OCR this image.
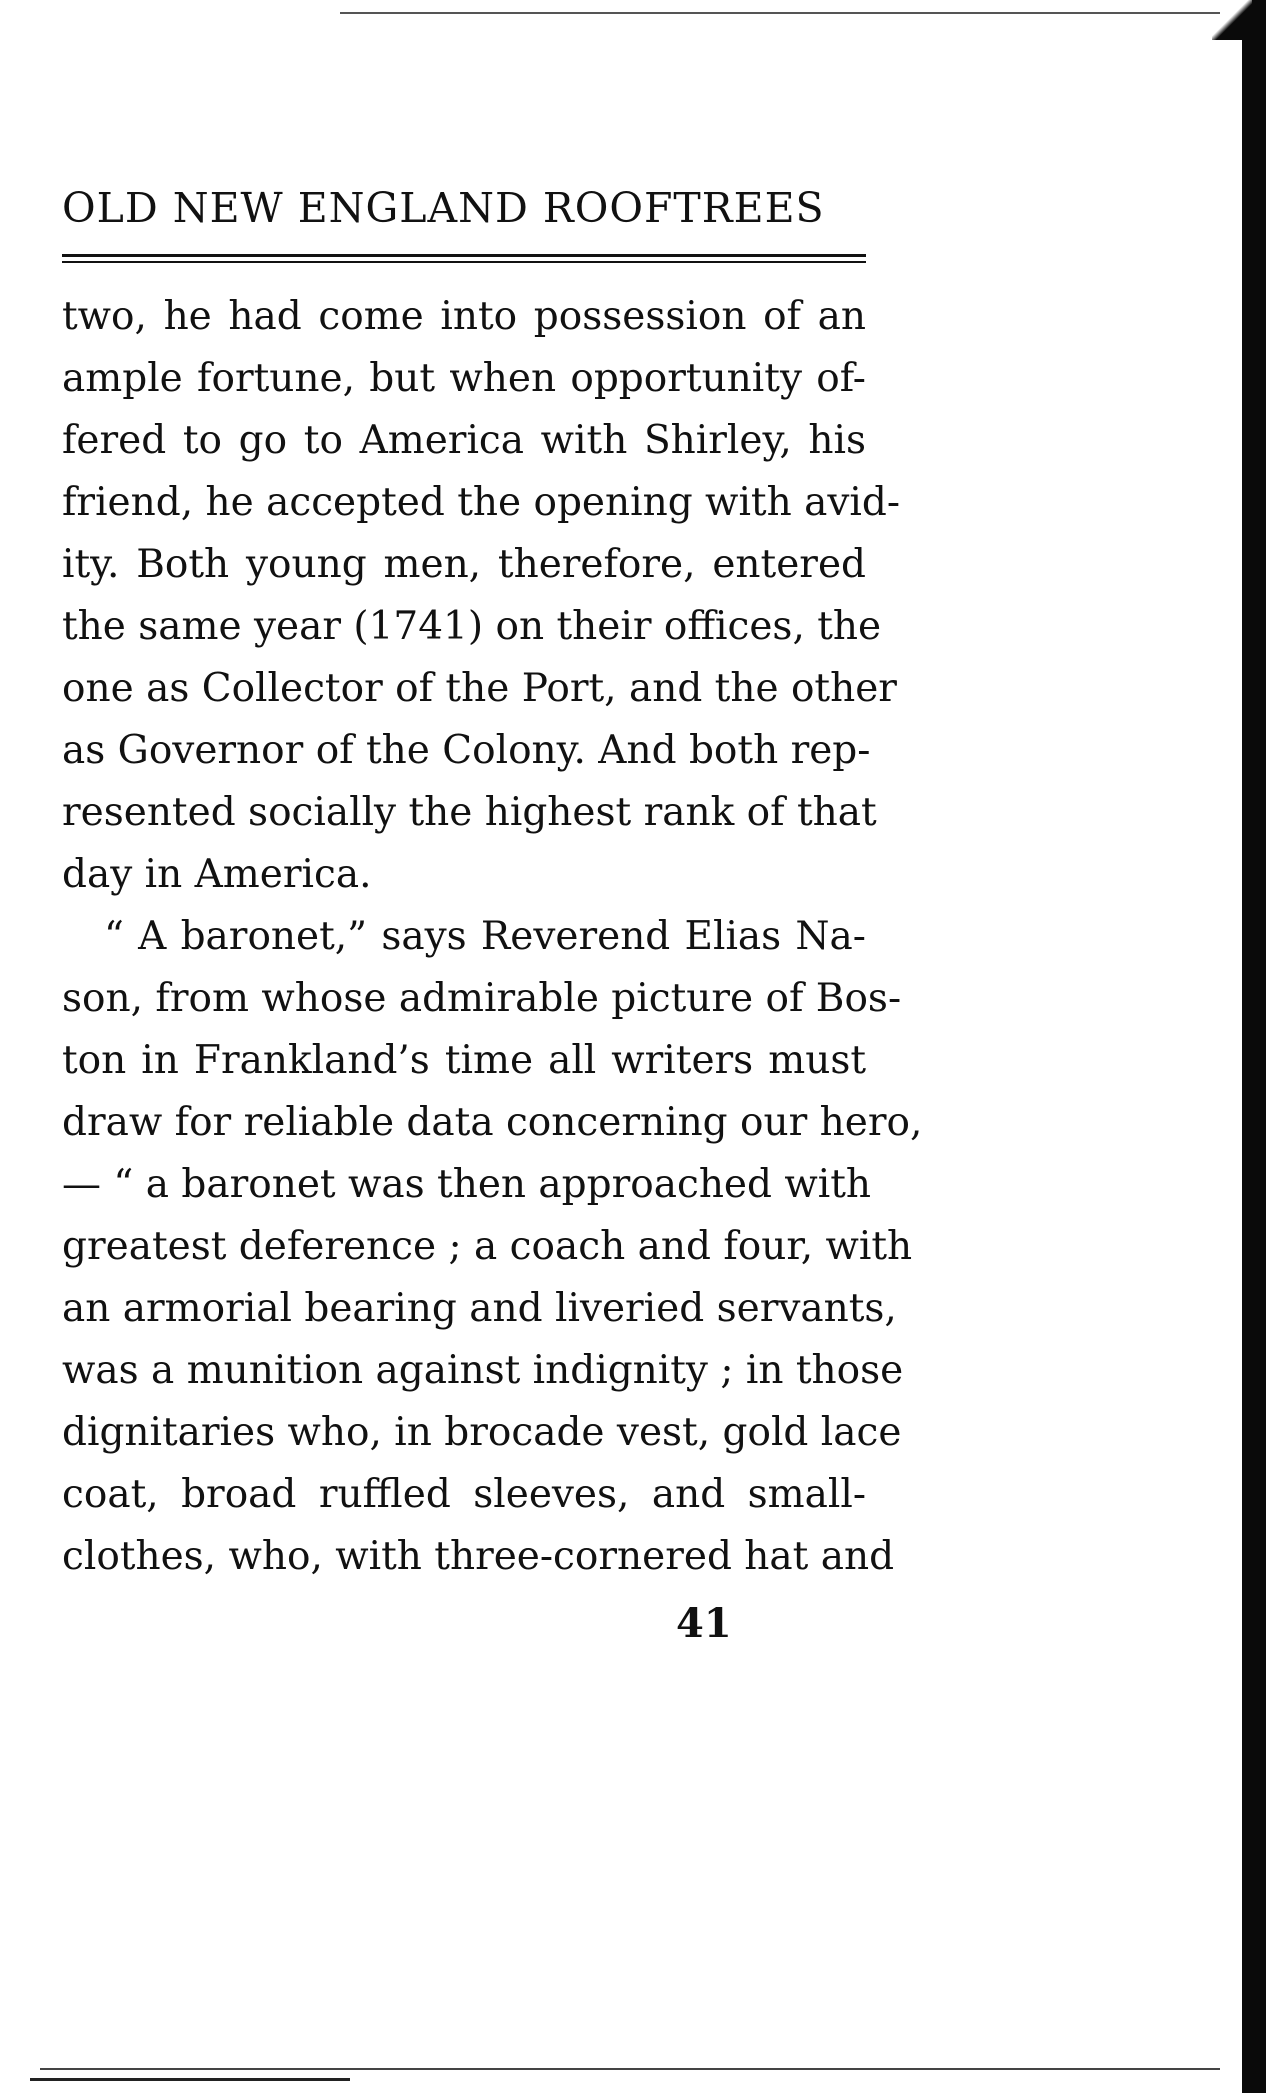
OLD NEW ENGLAND ROOFTREES
two, he had come into possession of an
ample fortune, but when opportunity of-
fered to go to America with Shirley, his
friend, he accepted the opening with avid-
ity. Both young men, therefore, entered
the same year (1741) on their offices, the
one as Collector of the Port, and the other
as Governor of the Colony. And both rep-
resented socially the highest rank of that
day in America.
“ A baronet,” says Reverend Elias Na-
son, from whose admirable picture of Bos-
ton in Frankland’s time all writers must
draw for reliable data concerning our hero,
— “ a baronet was then approached with
greatest deference ; a coach and four, with
an armorial bearing and liveried servants,
was a munition against indignity ; in those
dignitaries who, in brocade vest, gold lace
coat, broad ruffled sleeves, and small-
clothes, who, with three-cornered hat and
41
